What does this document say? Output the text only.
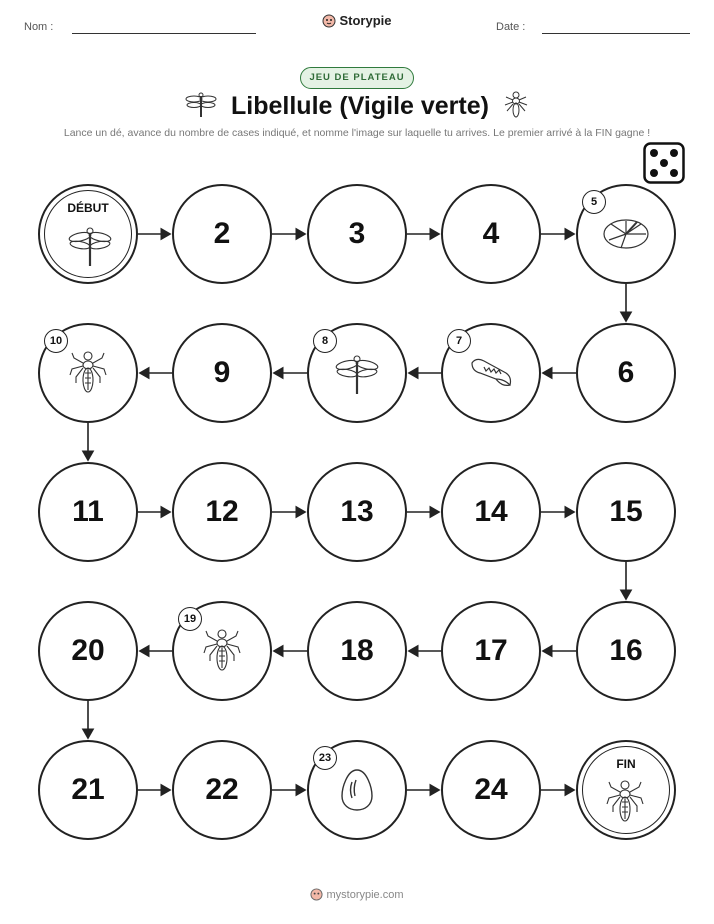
Nom :	Storypie	Date :
JEU DE PLATEAU
Libellule (Vigile verte)
Lance un dé, avance du nombre de cases indiqué, et nomme l'image sur laquelle tu arrives. Le premier arrivé à la FIN gagne !
DÉBUT
2	3	4
5
6
7
8
9
10
11	12	13	14	15
16
17
18
19
20
21	22
23
24
FIN
mystorypie.com
